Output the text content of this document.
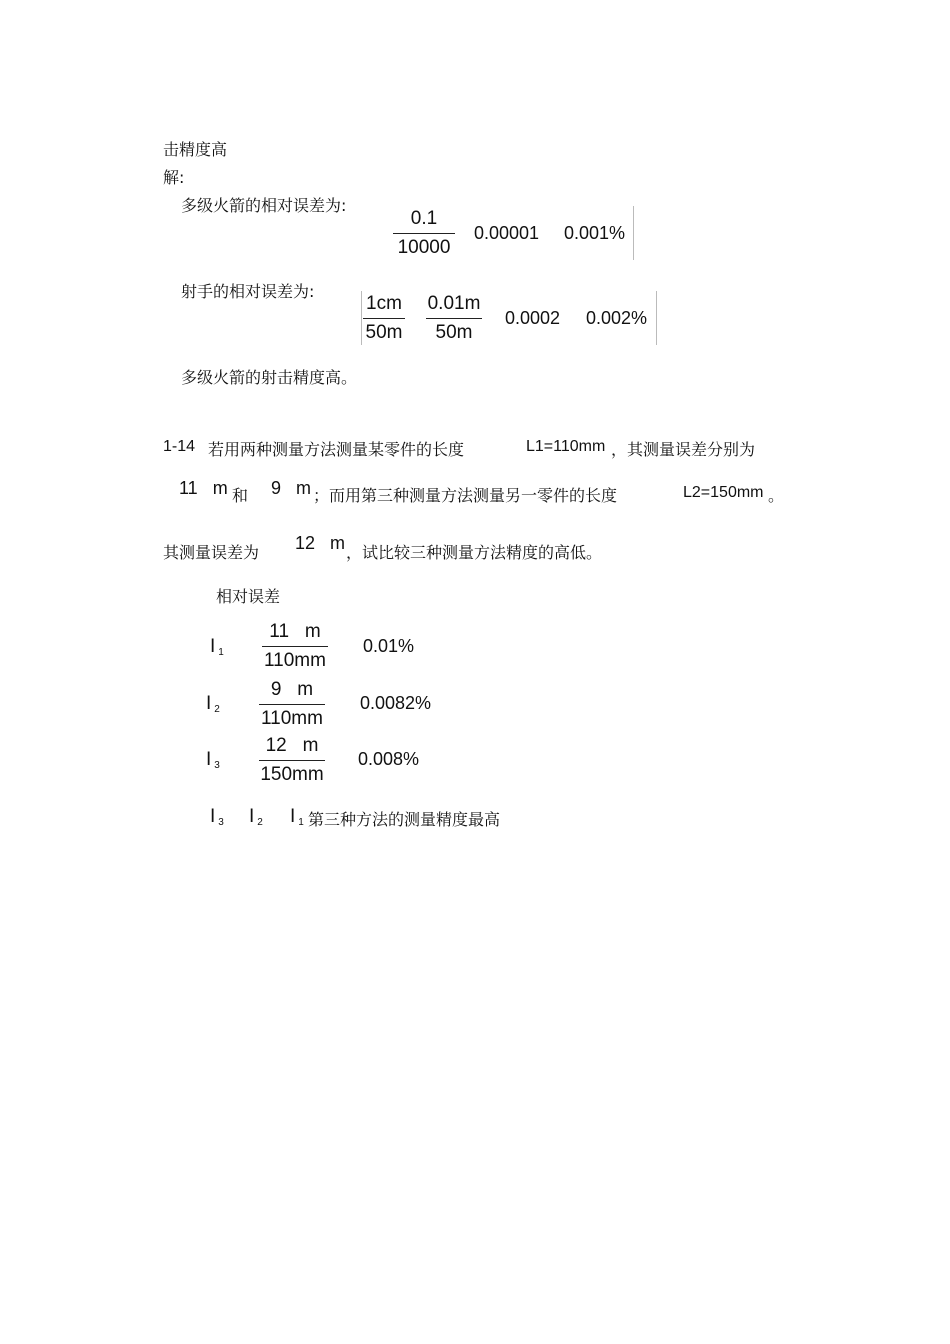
击精度高
解:
多级火箭的相对误差为:
0.1
10000
0.00001 0.001%
射手的相对误差为:
1cm
50m
0.01m
50m
0.0002 0.002%
多级火箭的射击精度高。
1-14 若用两种测量方法测量某零件的长度	L1=110mm ，其测量误差分别为
11   m 和 9   m ；而用第三种测量方法测量另一零件的长度	L2=150mm 。
其测量误差为 12   m ，试比较三种测量方法精度的高低。
相对误差
I $_1$
11   m
110mm
0.01%
I $_2$
9   m
110mm
0.0082%
I $_3$
12   m
150mm
0.008%
I $_3$ I $_2$ I $_1$ 第三种方法的测量精度最高
